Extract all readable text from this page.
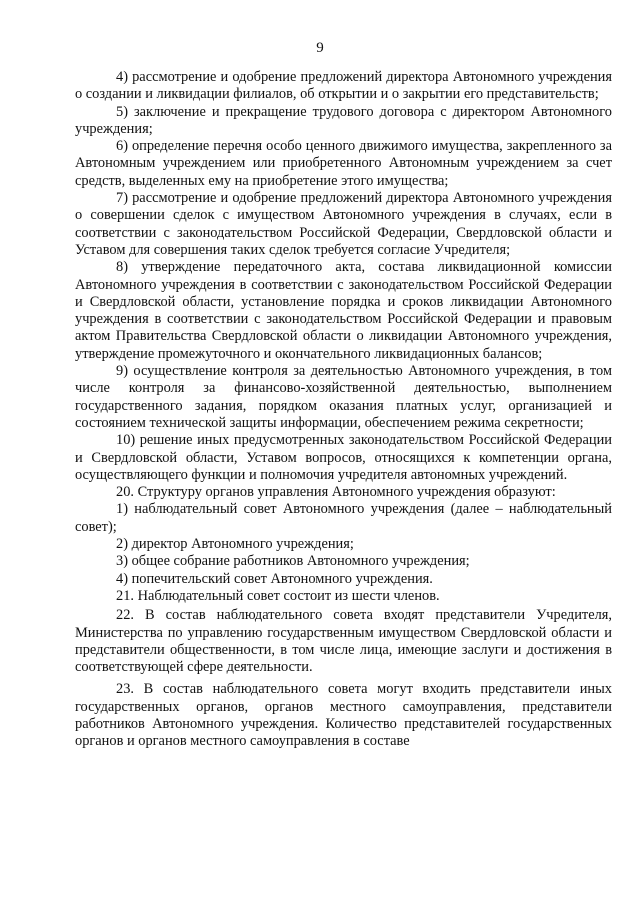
9

4) рассмотрение и одобрение предложений директора Автономного учреждения о создании и ликвидации филиалов, об открытии и о закрытии его представительств;

5) заключение и прекращение трудового договора с директором Автономного учреждения;

6) определение перечня особо ценного движимого имущества, закрепленного за Автономным учреждением или приобретенного Автономным учреждением за счет средств, выделенных ему на приобретение этого имущества;

7) рассмотрение и одобрение предложений директора Автономного учреждения о совершении сделок с имуществом Автономного учреждения в случаях, если в соответствии с законодательством Российской Федерации, Свердловской области и Уставом для совершения таких сделок требуется согласие Учредителя;

8) утверждение передаточного акта, состава ликвидационной комиссии Автономного учреждения в соответствии с законодательством Российской Федерации и Свердловской области, установление порядка и сроков ликвидации Автономного учреждения в соответствии с законодательством Российской Федерации и правовым актом Правительства Свердловской области о ликвидации Автономного учреждения, утверждение промежуточного и окончательного ликвидационных балансов;

9) осуществление контроля за деятельностью Автономного учреждения, в том числе контроля за финансово-хозяйственной деятельностью, выполнением государственного задания, порядком оказания платных услуг, организацией и состоянием технической защиты информации, обеспечением режима секретности;

10) решение иных предусмотренных законодательством Российской Федерации и Свердловской области, Уставом вопросов, относящихся к компетенции органа, осуществляющего функции и полномочия учредителя автономных учреждений.

20. Структуру органов управления Автономного учреждения образуют:

1) наблюдательный совет Автономного учреждения (далее – наблюдательный совет);

2) директор Автономного учреждения;

3) общее собрание работников Автономного учреждения;

4) попечительский совет Автономного учреждения.

21. Наблюдательный совет состоит из шести членов.

22. В состав наблюдательного совета входят представители Учредителя, Министерства по управлению государственным имуществом Свердловской области и представители общественности, в том числе лица, имеющие заслуги и достижения в соответствующей сфере деятельности.

23. В состав наблюдательного совета могут входить представители иных государственных органов, органов местного самоуправления, представители работников Автономного учреждения. Количество представителей государственных органов и органов местного самоуправления в составе
